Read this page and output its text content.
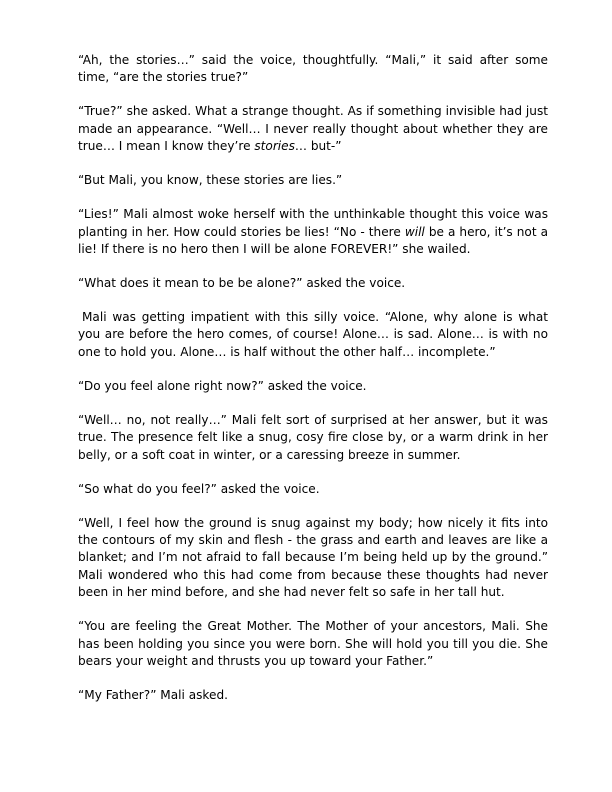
“Ah, the stories…” said the voice, thoughtfully. “Mali,” it said after some time, “are the stories true?”

“True?” she asked. What a strange thought. As if something invisible had just made an appearance. “Well… I never really thought about whether they are true… I mean I know they’re stories… but-”

“But Mali, you know, these stories are lies.”

“Lies!” Mali almost woke herself with the unthinkable thought this voice was planting in her. How could stories be lies! “No - there will be a hero, it’s not a lie! If there is no hero then I will be alone FOREVER!” she wailed.

“What does it mean to be be alone?” asked the voice.

Mali was getting impatient with this silly voice. “Alone, why alone is what you are before the hero comes, of course! Alone… is sad. Alone… is with no one to hold you. Alone… is half without the other half… incomplete.”

“Do you feel alone right now?” asked the voice.

“Well… no, not really…” Mali felt sort of surprised at her answer, but it was true. The presence felt like a snug, cosy fire close by, or a warm drink in her belly, or a soft coat in winter, or a caressing breeze in summer.

“So what do you feel?” asked the voice.

“Well, I feel how the ground is snug against my body; how nicely it fits into the contours of my skin and flesh - the grass and earth and leaves are like a blanket; and I’m not afraid to fall because I’m being held up by the ground.” Mali wondered who this had come from because these thoughts had never been in her mind before, and she had never felt so safe in her tall hut.

“You are feeling the Great Mother. The Mother of your ancestors, Mali. She has been holding you since you were born. She will hold you till you die. She bears your weight and thrusts you up toward your Father.”

“My Father?” Mali asked.
